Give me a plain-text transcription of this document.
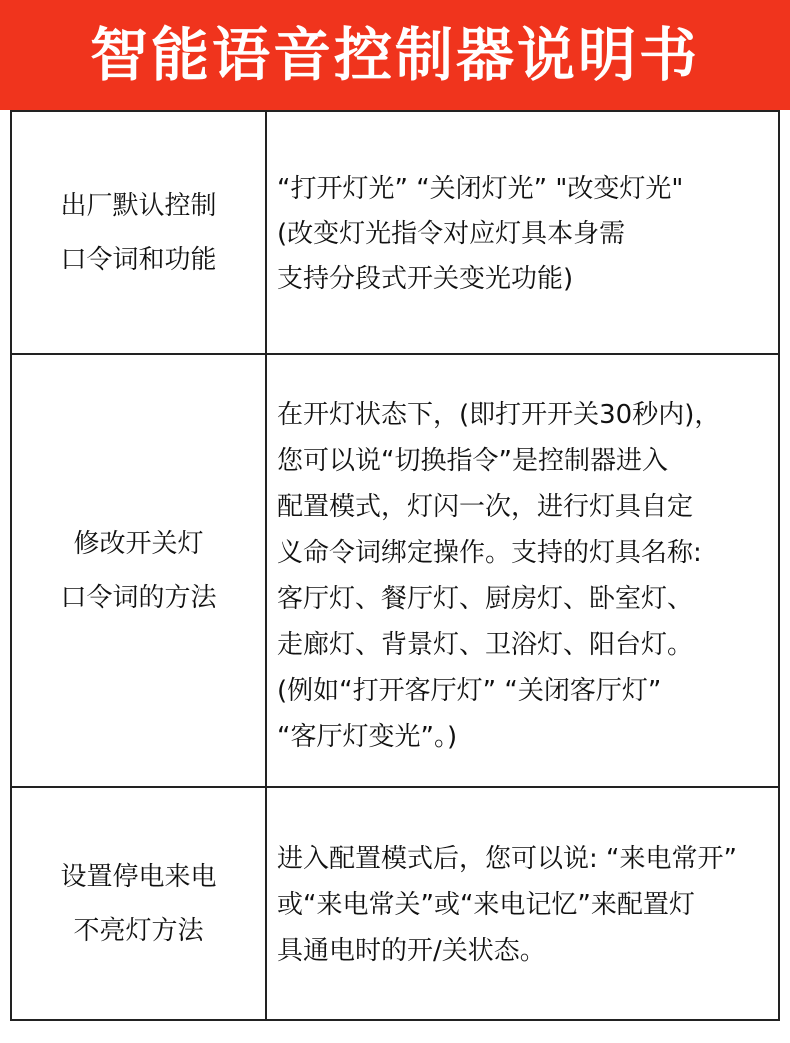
智能语音控制器说明书
出厂默认控制
口令词和功能
“打开灯光” “关闭灯光” "改变灯光"
(改变灯光指令对应灯具本身需
支持分段式开关变光功能)
修改开关灯
口令词的方法
在开灯状态下，(即打开开关30秒内)，
您可以说“切换指令”是控制器进入
配置模式，灯闪一次，进行灯具自定
义命令词绑定操作。支持的灯具名称:
客厅灯、餐厅灯、厨房灯、卧室灯、
走廊灯、背景灯、卫浴灯、阳台灯。
(例如“打开客厅灯” “关闭客厅灯”
“客厅灯变光”。)
设置停电来电
不亮灯方法
进入配置模式后，您可以说: “来电常开”
或“来电常关”或“来电记忆”来配置灯
具通电时的开/关状态。
